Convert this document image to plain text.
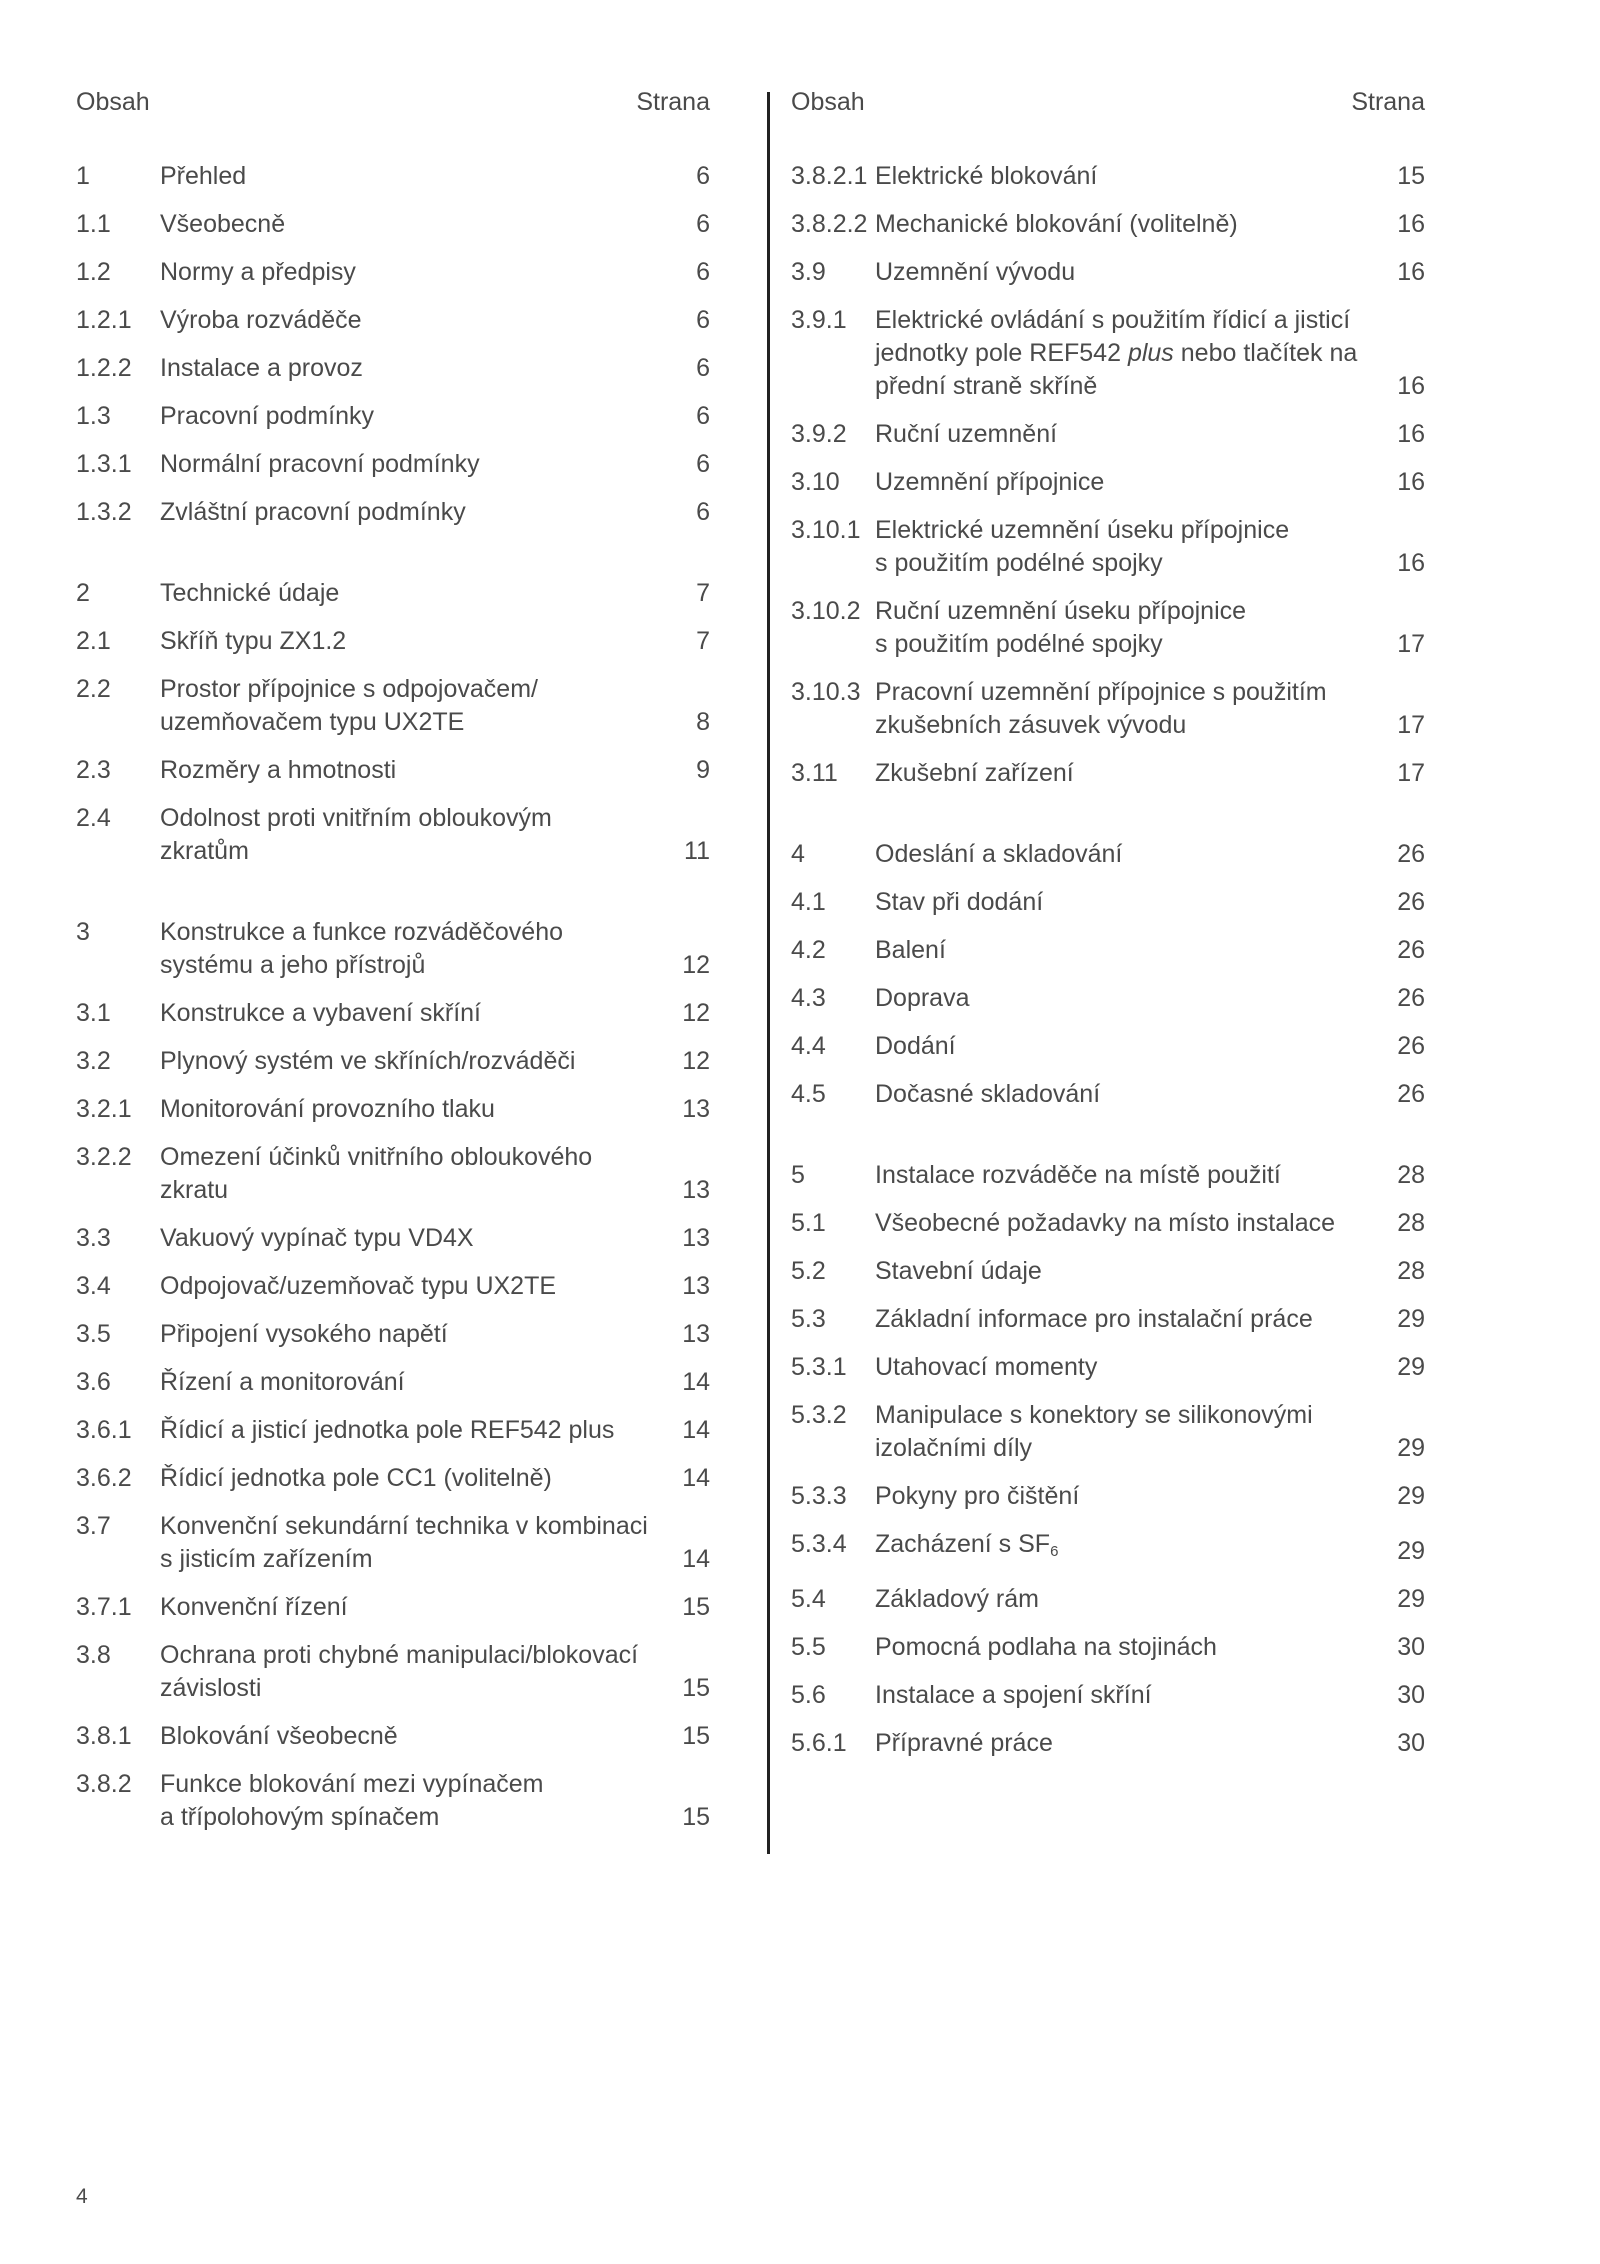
Obsah	Strana
1	Přehled	6
1.1	Všeobecně	6
1.2	Normy a předpisy	6
1.2.1	Výroba rozváděče	6
1.2.2	Instalace a provoz	6
1.3	Pracovní podmínky	6
1.3.1	Normální pracovní podmínky	6
1.3.2	Zvláštní pracovní podmínky	6
2	Technické údaje	7
2.1	Skříň typu ZX1.2	7
2.2	Prostor přípojnice s odpojovačem/
uzemňovačem typu UX2TE	8
2.3	Rozměry a hmotnosti	9
2.4	Odolnost proti vnitřním obloukovým
zkratům	11
3	Konstrukce a funkce rozváděčového
systému a jeho přístrojů	12
3.1	Konstrukce a vybavení skříní	12
3.2	Plynový systém ve skříních/rozváděči	12
3.2.1	Monitorování provozního tlaku	13
3.2.2	Omezení účinků vnitřního obloukového
zkratu	13
3.3	Vakuový vypínač typu VD4X	13
3.4	Odpojovač/uzemňovač typu UX2TE	13
3.5	Připojení vysokého napětí	13
3.6	Řízení a monitorování	14
3.6.1	Řídicí a jisticí jednotka pole REF542 plus	14
3.6.2	Řídicí jednotka pole CC1 (volitelně)	14
3.7	Konvenční sekundární technika v kombinaci
s jisticím zařízením	14
3.7.1	Konvenční řízení	15
3.8	Ochrana proti chybné manipulaci/blokovací
závislosti	15
3.8.1	Blokování všeobecně	15
3.8.2	Funkce blokování mezi vypínačem
a třípolohovým spínačem	15
Obsah	Strana
3.8.2.1 Elektrické blokování	15
3.8.2.2 Mechanické blokování (volitelně)	16
3.9	Uzemnění vývodu	16
3.9.1	Elektrické ovládání s použitím řídicí a jisticí
jednotky pole REF542 plus nebo tlačítek na
přední straně skříně	16
3.9.2	Ruční uzemnění	16
3.10	Uzemnění přípojnice	16
3.10.1 Elektrické uzemnění úseku přípojnice
s použitím podélné spojky	16
3.10.2 Ruční uzemnění úseku přípojnice
s použitím podélné spojky	17
3.10.3 Pracovní uzemnění přípojnice s použitím
zkušebních zásuvek vývodu	17
3.11	Zkušební zařízení	17
4	Odeslání a skladování	26
4.1	Stav při dodání	26
4.2	Balení	26
4.3	Doprava	26
4.4	Dodání	26
4.5	Dočasné skladování	26
5	Instalace rozváděče na místě použití	28
5.1	Všeobecné požadavky na místo instalace	28
5.2	Stavební údaje	28
5.3	Základní informace pro instalační práce	29
5.3.1	Utahovací momenty	29
5.3.2	Manipulace s konektory se silikonovými
izolačními díly	29
5.3.3	Pokyny pro čištění	29
5.3.4	Zacházení s $SF_6$	29
5.4	Základový rám	29
5.5	Pomocná podlaha na stojinách	30
5.6	Instalace a spojení skříní	30
5.6.1	Přípravné práce	30
4
